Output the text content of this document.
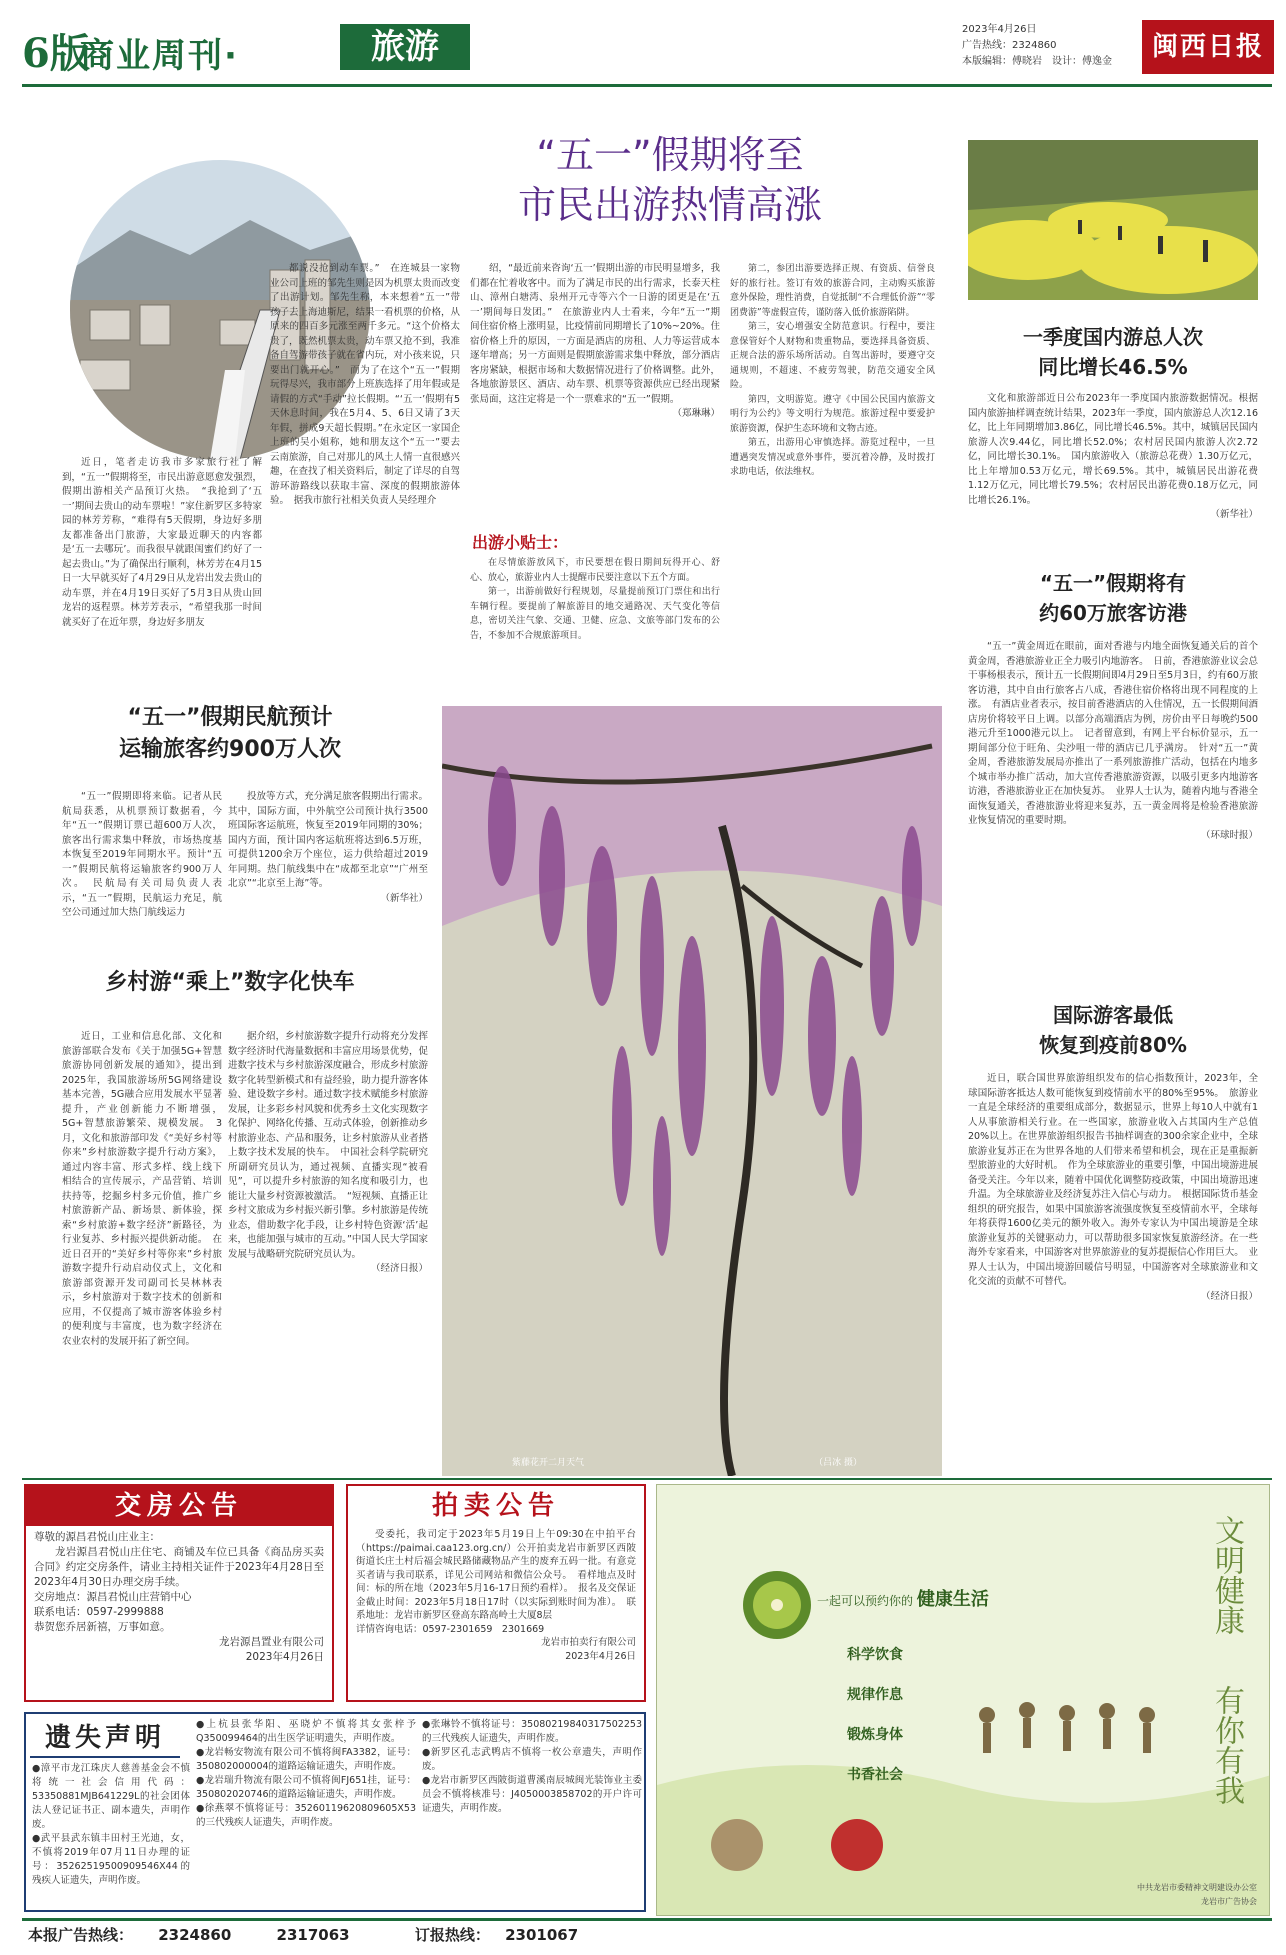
6版
商业周刊·	旅游	2023年4月26日
广告热线：2324860
本版编辑：傅晓岩　设计：傅逸金	闽西日报
“五一”假期将至
市民出游热情高涨

近日，笔者走访我市多家旅行社了解到，“五一”假期将至，市民出游意愿愈发强烈，假期出游相关产品预订火热。　“我抢到了‘五一’期间去贵山的动车票啦！”家住新罗区多特家园的林芳芳称，“难得有5天假期，身边好多朋友都准备出门旅游，大家最近聊天的内容都是‘五一去哪玩’。而我很早就跟闺蜜们约好了一起去贵山。”为了确保出行顺利，林芳芳在4月15日一大早就买好了4月29日从龙岩出发去贵山的动车票，并在4月19日买好了5月3日从贵山回龙岩的返程票。林芳芳表示，“希望我那一时间就买好了在近年票，身边好多朋友

都说没抢到动车票。”　在连城县一家物业公司上班的邹先生则是因为机票太贵而改变了出游计划。邹先生称，本来想着“五一”带孩子去上海迪斯尼，结果一看机票的价格，从原来的四百多元涨至两千多元。“这个价格太贵了，既然机票太贵，动车票又抢不到，我准备自驾游带孩子就在省内玩，对小孩来说，只要出门就开心。”　而为了在这个“五一”假期玩得尽兴，我市部分上班族选择了用年假或是请假的方式“手动”拉长假期。“‘五一’假期有5天休息时间，我在5月4、5、6日又请了3天年假，拼成9天超长假期。”在永定区一家国企上班的吴小姐称，她和朋友这个“五一”要去云南旅游，自己对那儿的风土人情一直很感兴趣，在查找了相关资料后，制定了详尽的自驾游环游路线以获取丰富、深度的假期旅游体验。　据我市旅行社相关负责人吴经理介

绍，“最近前来咨询‘五一’假期出游的市民明显增多，我们都在忙着收客中。而为了满足市民的出行需求，长泰天柱山、漳州白塘湾、泉州开元寺等六个一日游的团更是在‘五一’期间每日发团。”　在旅游业内人士看来，今年“五一”期间住宿价格上涨明显，比疫情前同期增长了10%~20%。住宿价格上升的原因，一方面是酒店的房租、人力等运营成本逐年增高；另一方面则是假期旅游需求集中释放，部分酒店客房紧缺，根据市场和大数据情况进行了价格调整。此外，各地旅游景区、酒店、动车票、机票等资源供应已经出现紧张局面，这注定将是一个一票难求的“五一”假期。

（郑琳琳）
出游小贴士：

在尽情旅游放风下，市民要想在假日期间玩得开心、舒心、放心，旅游业内人士提醒市民要注意以下五个方面。

第一，出游前做好行程规划，尽量提前预订门票住和出行车辆行程。要提前了解旅游目的地交通路况、天气变化等信息，密切关注气象、交通、卫健、应急、文旅等部门发布的公告，不参加不合规旅游项目。

第二，参团出游要选择正规、有资质、信誉良好的旅行社。签订有效的旅游合同，主动购买旅游意外保险，理性消费，自觉抵制“不合理低价游”“零团费游”等虚假宣传，谨防落入低价旅游陷阱。

第三，安心增强安全防范意识。行程中，要注意保管好个人财物和贵重物品，要选择具备资质、正规合法的游乐场所活动。自驾出游时，要遵守交通规则，不超速、不疲劳驾驶，防范交通安全风险。

第四，文明游览。遵守《中国公民国内旅游文明行为公约》等文明行为规范。旅游过程中要爱护旅游资源，保护生态环境和文物古迹。

第五，出游用心审慎选择。游览过程中，一旦遭遇突发情况或意外事件，要沉着冷静，及时拨打求助电话，依法维权。

一季度国内游总人次
同比增长46.5%

文化和旅游部近日公布2023年一季度国内旅游数据情况。根据国内旅游抽样调查统计结果，2023年一季度，国内旅游总人次12.16亿，比上年同期增加3.86亿，同比增长46.5%。其中，城镇居民国内旅游人次9.44亿，同比增长52.0%；农村居民国内旅游人次2.72亿，同比增长30.1%。　国内旅游收入（旅游总花费）1.30万亿元，比上年增加0.53万亿元，增长69.5%。其中，城镇居民出游花费1.12万亿元，同比增长79.5%；农村居民出游花费0.18万亿元，同比增长26.1%。

（新华社）
“五一”假期将有
约60万旅客访港

“五一”黄金周近在眼前，面对香港与内地全面恢复通关后的首个黄金周，香港旅游业正全力吸引内地游客。　日前，香港旅游业议会总干事杨根表示，预计五一长假期间即4月29日至5月3日，约有60万旅客访港，其中自由行旅客占八成，香港住宿价格将出现不同程度的上涨。　有酒店业者表示，按目前香港酒店的入住情况，五一长假期间酒店房价将较平日上调。以部分高端酒店为例，房价由平日每晚约500港元升至1000港元以上。　记者留意到，有网上平台标价显示，五一期间部分位于旺角、尖沙咀一带的酒店已几乎满房。　针对“五一”黄金周，香港旅游发展局亦推出了一系列旅游推广活动，包括在内地多个城市举办推广活动，加大宣传香港旅游资源，以吸引更多内地游客访港，香港旅游业正在加快复苏。　业界人士认为，随着内地与香港全面恢复通关，香港旅游业将迎来复苏，五一黄金周将是检验香港旅游业恢复情况的重要时期。

（环球时报）
国际游客最低
恢复到疫前80%

近日，联合国世界旅游组织发布的信心指数预计，2023年，全球国际游客抵达人数可能恢复到疫情前水平的80%至95%。　旅游业一直是全球经济的重要组成部分，数据显示，世界上每10人中就有1人从事旅游相关行业。在一些国家，旅游业收入占其国内生产总值20%以上。在世界旅游组织报告书抽样调查的300余家企业中，全球旅游业复苏正在为世界各地的人们带来希望和机会，现在正是重振新型旅游业的大好时机。　作为全球旅游业的重要引擎，中国出境游进展备受关注。今年以来，随着中国优化调整防疫政策，中国出境游迅速升温。为全球旅游业及经济复苏注入信心与动力。　根据国际货币基金组织的研究报告，如果中国旅游客流强度恢复至疫情前水平，全球每年将获得1600亿美元的额外收入。海外专家认为中国出境游是全球旅游业复苏的关键驱动力，可以帮助很多国家恢复旅游经济。在一些海外专家看来，中国游客对世界旅游业的复苏提振信心作用巨大。　业界人士认为，中国出境游回暖信号明显，中国游客对全球旅游业和文化交流的贡献不可替代。

（经济日报）
“五一”假期民航预计
运输旅客约900万人次

“五一”假期即将来临。记者从民航局获悉，从机票预订数据看，今年“五一”假期订票已超600万人次，旅客出行需求集中释放，市场热度基本恢复至2019年同期水平。预计“五一”假期民航将运输旅客约900万人次。　民航局有关司局负责人表示，“五一”假期，民航运力充足，航空公司通过加大热门航线运力

投放等方式，充分满足旅客假期出行需求。其中，国际方面，中外航空公司预计执行3500班国际客运航班，恢复至2019年同期的30%；国内方面，预计国内客运航班将达到6.5万班，可提供1200余万个座位，运力供给超过2019年同期。热门航线集中在“成都至北京”“广州至北京”“北京至上海”等。

（新华社）
乡村游“乘上”数字化快车

近日，工业和信息化部、文化和旅游部联合发布《关于加强5G+智慧旅游协同创新发展的通知》，提出到2025年，我国旅游场所5G网络建设基本完善，5G融合应用发展水平显著提升，产业创新能力不断增强，5G+智慧旅游繁荣、规模发展。　3月，文化和旅游部印发《“美好乡村等你来”乡村旅游数字提升行动方案》，通过内容丰富、形式多样、线上线下相结合的宣传展示，产品营销、培训扶持等，挖掘乡村多元价值，推广乡村旅游新产品、新场景、新体验，探索“乡村旅游+数字经济”新路径，为行业复苏、乡村振兴提供新动能。　在近日召开的“美好乡村等你来”乡村旅游数字提升行动启动仪式上，文化和旅游部资源开发司副司长吴林林表示，乡村旅游对于数字技术的创新和应用，不仅提高了城市游客体验乡村的便利度与丰富度，也为数字经济在农业农村的发展开拓了新空间。

据介绍，乡村旅游数字提升行动将充分发挥数字经济时代海量数据和丰富应用场景优势，促进数字技术与乡村旅游深度融合，形成乡村旅游数字化转型新模式和有益经验，助力提升游客体验、建设数字乡村。通过数字技术赋能乡村旅游发展，让多彩乡村风貌和优秀乡土文化实现数字化保护、网络化传播、互动式体验，创新推动乡村旅游业态、产品和服务，让乡村旅游从业者搭上数字技术发展的快车。　中国社会科学院研究所副研究员认为，通过视频、直播实现“被看见”，可以提升乡村旅游的知名度和吸引力，也能让大量乡村资源被激活。　“短视频、直播正让乡村文旅成为乡村振兴新引擎。乡村旅游是传统业态，借助数字化手段，让乡村特色资源‘活’起来，也能加强与城市的互动。”中国人民大学国家发展与战略研究院研究员认为。

（经济日报）
紫藤花开二月天气	（吕冰 摄）
交房公告
尊敬的源昌君悦山庄业主：

龙岩源昌君悦山庄住宅、商铺及车位已具备《商品房买卖合同》约定交房条件，请业主持相关证件于2023年4月28日至2023年4月30日办理交房手续。

交房地点：源昌君悦山庄营销中心
联系电话：0597-2999888
恭贺您乔居新禧，万事如意。
龙岩源昌置业有限公司
2023年4月26日
拍卖公告

受委托，我司定于2023年5月19日上午09:30在中拍平台（https://paimai.caa123.org.cn/）公开拍卖龙岩市新罗区西陂街道长庄土村后福会城民路储藏物品产生的废弃五码一批。有意竞买者请与我司联系，详见公司网站和微信公众号。　看样地点及时间：标的所在地（2023年5月16-17日预约看样）。　报名及交保证金截止时间：2023年5月18日17时（以实际到账时间为准）。　联系地址：龙岩市新罗区登高东路高岭土大厦8层

详情咨询电话：0597-2301659　2301669
龙岩市拍卖行有限公司
2023年4月26日
一起可以预约你的 健康生活
科学饮食
规律作息
锻炼身体
书香社会
文明健康
有你有我
中共龙岩市委精神文明建设办公室
龙岩市广告协会
遗失声明
●漳平市龙江珠庆人慈善基金会不慎将统一社会信用代码：53350881MJB641229L的社会团体法人登记证书正、副本遗失，声明作废。
●武平县武东镇丰田村王光迪，女，不慎将2019年07月11日办理的证号：35262519500909546X44的残疾人证遗失，声明作废。
●上杭县张华阳、巫晓炉不慎将其女张梓予Q350099464的出生医学证明遗失，声明作废。
●龙岩畅安物流有限公司不慎将闽FA3382，证号：350802000004的道路运输证遗失，声明作废。
●龙岩瑞升物流有限公司不慎将闽FJ651挂，证号：350802020746的道路运输证遗失，声明作废。
●徐燕翠不慎将证号：35260119620809605X53的三代残疾人证遗失，声明作废。
●张琳铃不慎将证号：35080219840317502253的三代残疾人证遗失，声明作废。
●新罗区孔志武鸭店不慎将一枚公章遗失，声明作废。
●龙岩市新罗区西陂街道曹溪南辰城闽光装饰业主委员会不慎将核准号：J4050003858702的开户许可证遗失，声明作废。
本报广告热线： 2324860	2317063	订报热线： 2301067
